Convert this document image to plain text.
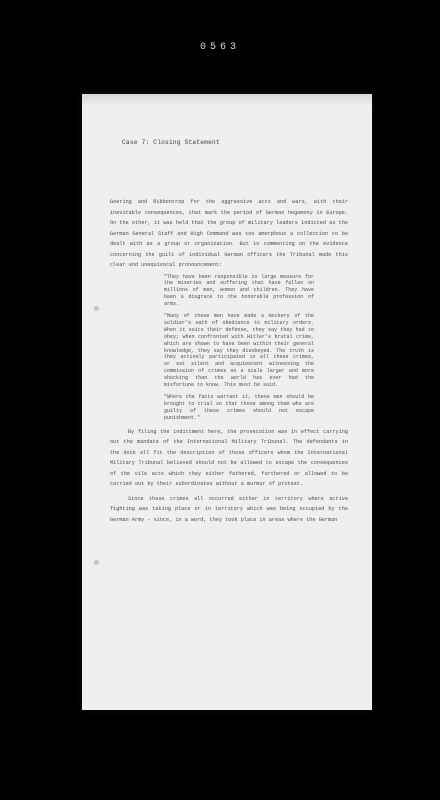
0563
Case 7: Closing Statement

Goering and Ribbentrop for the aggressive acts and wars, with their inevitable consequences, that mark the period of German hegemony in Europe. On the other, it was held that the group of military leaders indicted as the German General Staff and High Command was too amorphous a collection to be dealt with as a group or organization. But in commenting on the evidence concerning the guilt of individual German officers the Tribunal made this clear and unequivocal pronouncement:

"They have been responsible in large measure for the miseries and suffering that have fallen on millions of men, women and children. They have been a disgrace to the honorable profession of arms.

"Many of these men have made a mockery of the soldier's oath of obedience to military orders. When it suits their defense, they say they had to obey; when confronted with Hitler's brutal crime, which are shown to have been within their general knowledge, they say they disobeyed. The truth is they actively participated in all these crimes, or sat silent and acquiescent witnessing the commission of crimes on a scale larger and more shocking than the world has ever had the misfortune to know. This must be said.

"Where the facts warrant it, these men should be brought to trial so that those among them who are guilty of these crimes should not escape punishment."

By filing the indictment here, the prosecution was in effect carrying out the mandate of the International Military Tribunal. The defendants in the dock all fit the description of those officers whom the International Military Tribunal believed should not be allowed to escape the consequences of the vile acts which they either fathered, furthered or allowed to be carried out by their subordinates without a murmur of protest.

Since these crimes all occurred either in territory where active fighting was taking place or in territory which was being occupied by the German Army - since, in a word, they took place in areas where the German
